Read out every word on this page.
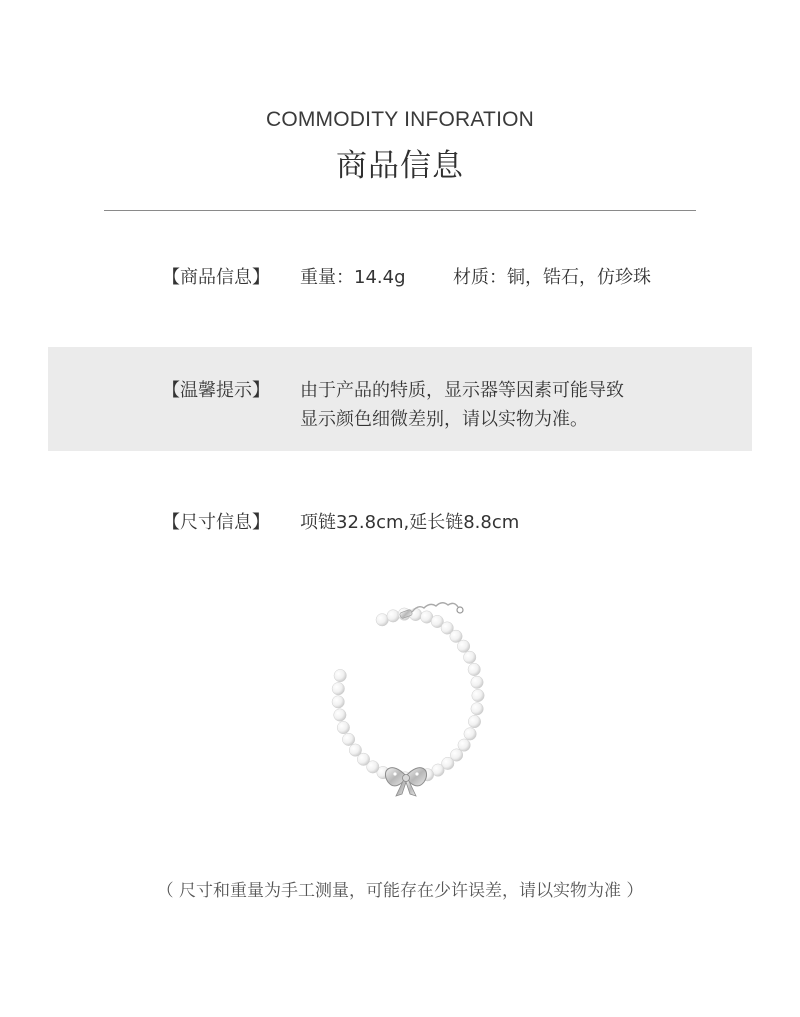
COMMODITY INFORATION
商品信息
【商品信息】 重量：14.4g	材质：铜，锆石，仿珍珠
【温馨提示】 由于产品的特质，显示器等因素可能导致
显示颜色细微差别，请以实物为准。
【尺寸信息】 项链32.8cm,延长链8.8cm
（ 尺寸和重量为手工测量，可能存在少许误差，请以实物为准 ）
